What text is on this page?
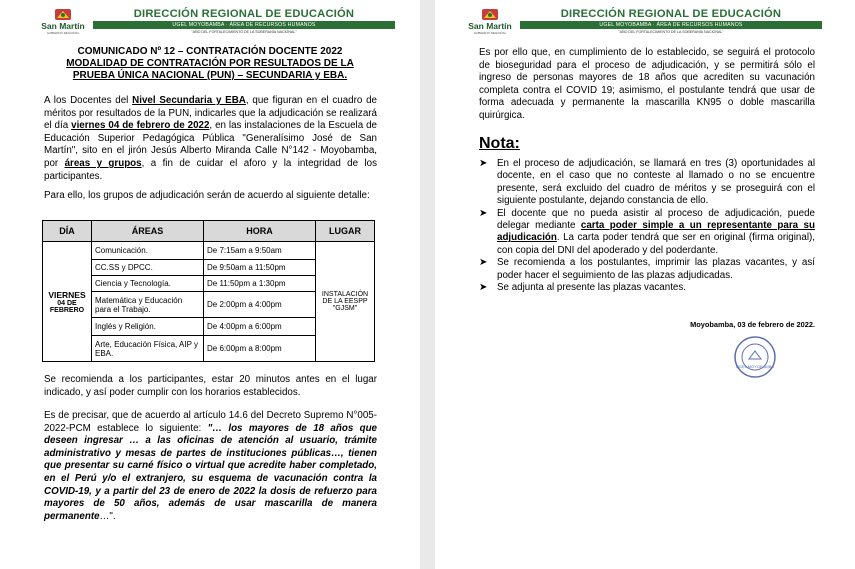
San Martín
GOBIERNO REGIONAL
DIRECCIÓN REGIONAL DE EDUCACIÓN
UGEL MOYOBAMBA · ÁREA DE RECURSOS HUMANOS
"AÑO DEL FORTALECIMIENTO DE LA SOBERANÍA NACIONAL"
COMUNICADO Nº 12 – CONTRATACIÓN DOCENTE 2022
MODALIDAD DE CONTRATACIÓN POR RESULTADOS DE LA PRUEBA ÚNICA NACIONAL (PUN) – SECUNDARIA y EBA.
A los Docentes del Nivel Secundaria y EBA, que figuran en el cuadro de méritos por resultados de la PUN, indicarles que la adjudicación se realizará el día viernes 04 de febrero de 2022, en las instalaciones de la Escuela de Educación Superior Pedagógica Pública "Generalísimo José de San Martín", sito en el jirón Jesús Alberto Miranda Calle N°142 - Moyobamba, por áreas y grupos, a fin de cuidar el aforo y la integridad de los participantes.
Para ello, los grupos de adjudicación serán de acuerdo al siguiente detalle:
DÍA	ÁREAS	HORA	LUGAR

VIERNES
04 DE FEBRERO	Comunicación.	De 7:15am a 9:50am	INSTALACIÓN DE LA EESPP "GJSM"
	CC.SS y DPCC.	De 9:50am a 11:50pm	
	Ciencia y Tecnología.	De 11:50pm a 1:30pm	
	Matemática y Educación para el Trabajo.	De 2:00pm a 4:00pm	
	Inglés y Religión.	De 4:00pm a 6:00pm	
	Arte, Educación Física, AIP y EBA.	De 6:00pm a 8:00pm	
Se recomienda a los participantes, estar 20 minutos antes en el lugar indicado, y así poder cumplir con los horarios establecidos.
Es de precisar, que de acuerdo al artículo 14.6 del Decreto Supremo N°005-2022-PCM establece lo siguiente: "… los mayores de 18 años que deseen ingresar … a las oficinas de atención al usuario, trámite administrativo y mesas de partes de instituciones públicas…, tienen que presentar su carné físico o virtual que acredite haber completado, en el Perú y/o el extranjero, su esquema de vacunación contra la COVID-19, y a partir del 23 de enero de 2022 la dosis de refuerzo para mayores de 50 años, además de usar mascarilla de manera permanente…".
San Martín
GOBIERNO REGIONAL
DIRECCIÓN REGIONAL DE EDUCACIÓN
UGEL MOYOBAMBA · ÁREA DE RECURSOS HUMANOS
"AÑO DEL FORTALECIMIENTO DE LA SOBERANÍA NACIONAL"
Es por ello que, en cumplimiento de lo establecido, se seguirá el protocolo de bioseguridad para el proceso de adjudicación, y se permitirá sólo el ingreso de personas mayores de 18 años que acrediten su vacunación completa contra el COVID 19; asimismo, el postulante tendrá que usar de forma adecuada y permanente la mascarilla KN95 o doble mascarilla quirúrgica.
Nota:
➤ En el proceso de adjudicación, se llamará en tres (3) oportunidades al docente, en el caso que no conteste al llamado o no se encuentre presente, será excluido del cuadro de méritos y se proseguirá con el siguiente postulante, dejando constancia de ello.
➤ El docente que no pueda asistir al proceso de adjudicación, puede delegar mediante carta poder simple a un representante para su adjudicación. La carta poder tendrá que ser en original (firma original), con copia del DNI del apoderado y del poderdante.
➤ Se recomienda a los postulantes, imprimir las plazas vacantes, y así poder hacer el seguimiento de las plazas adjudicadas.
➤ Se adjunta al presente las plazas vacantes.
Moyobamba, 03 de febrero de 2022.
UGEL MOYOBAMBA
